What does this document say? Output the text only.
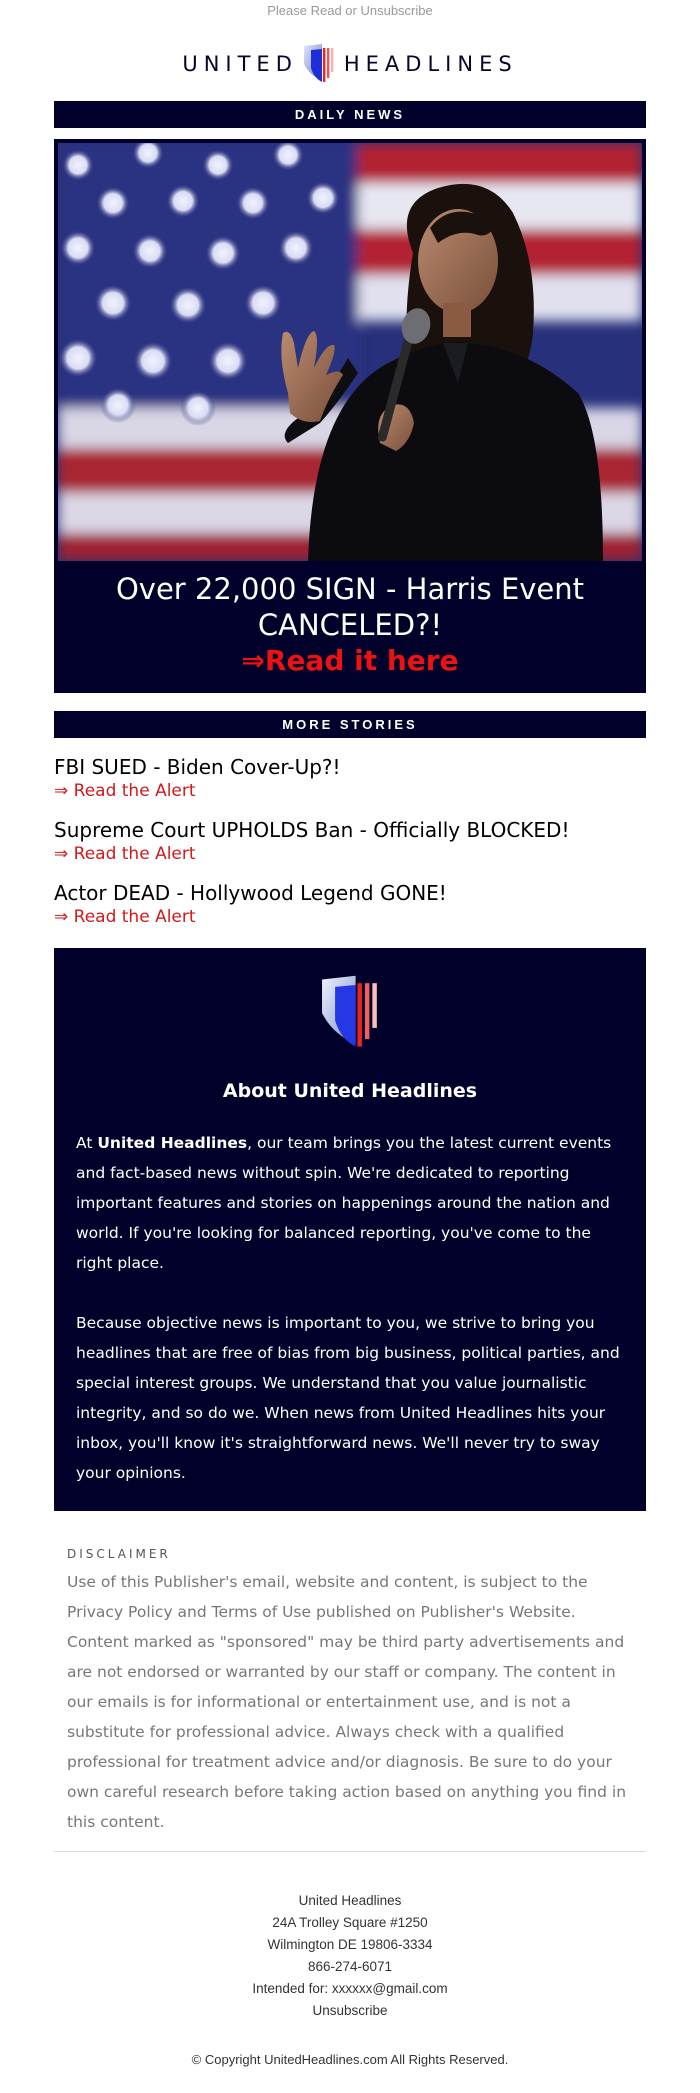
Please Read or Unsubscribe
UNITED HEADLINES
DAILY NEWS
Over 22,000 SIGN - Harris Event CANCELED?!
⇒Read it here
MORE STORIES
FBI SUED - Biden Cover-Up?!
⇒ Read the Alert
Supreme Court UPHOLDS Ban - Officially BLOCKED!
⇒ Read the Alert
Actor DEAD - Hollywood Legend GONE!
⇒ Read the Alert
About United Headlines

At United Headlines, our team brings you the latest current events and fact-based news without spin. We're dedicated to reporting important features and stories on happenings around the nation and world. If you're looking for balanced reporting, you've come to the right place.

Because objective news is important to you, we strive to bring you headlines that are free of bias from big business, political parties, and special interest groups. We understand that you value journalistic integrity, and so do we. When news from United Headlines hits your inbox, you'll know it's straightforward news. We'll never try to sway your opinions.

DISCLAIMER
Use of this Publisher's email, website and content, is subject to the Privacy Policy and Terms of Use published on Publisher's Website. Content marked as "sponsored" may be third party advertisements and are not endorsed or warranted by our staff or company. The content in our emails is for informational or entertainment use, and is not a substitute for professional advice. Always check with a qualified professional for treatment advice and/or diagnosis. Be sure to do your own careful research before taking action based on anything you find in this content.
United Headlines
24A Trolley Square #1250
Wilmington DE 19806-3334
866-274-6071
Intended for: xxxxxx@gmail.com
Unsubscribe
© Copyright UnitedHeadlines.com All Rights Reserved.
